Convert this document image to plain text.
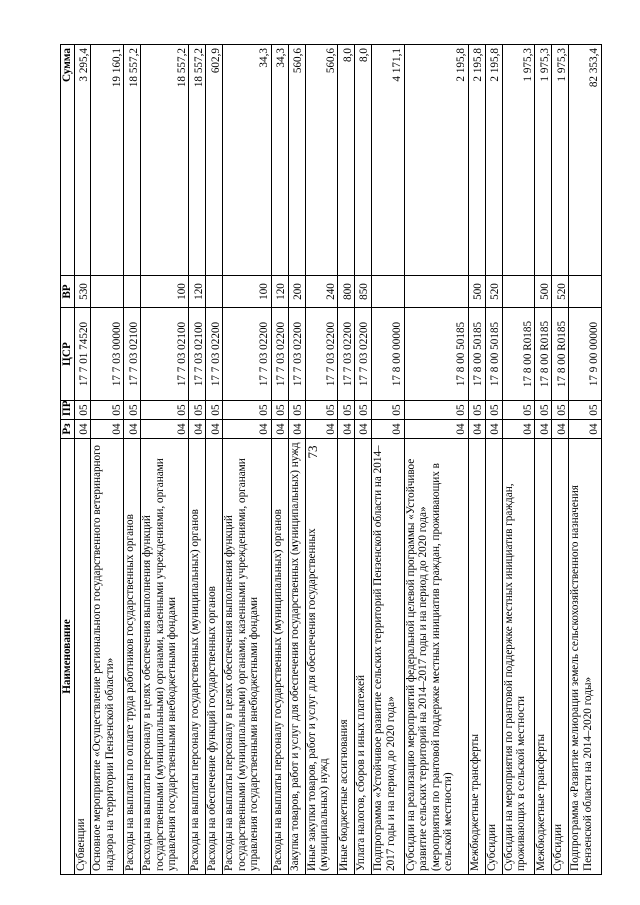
73
Наименование	Рз	ПР	ЦСР	ВР	Сумма
Субвенции	04	05	17 7 01 74520	530	3 295,4
Основное мероприятие «Осуществление регионального государственного ветеринарного надзора на территории Пензенской области»	04	05	17 7 03 00000		19 160,1
Расходы на выплаты по оплате труда работников государственных органов	04	05	17 7 03 02100		18 557,2
Расходы на выплаты персоналу в целях обеспечения выполнения функций государственными (муниципальными) органами, казенными учреждениями, органами управления государственными внебюджетными фондами	04	05	17 7 03 02100	100	18 557,2
Расходы на выплаты персоналу государственных (муниципальных) органов	04	05	17 7 03 02100	120	18 557,2
Расходы на обеспечение функций государственных органов	04	05	17 7 03 02200		602,9
Расходы на выплаты персоналу в целях обеспечения выполнения функций государственными (муниципальными) органами, казенными учреждениями, органами управления государственными внебюджетными фондами	04	05	17 7 03 02200	100	34,3
Расходы на выплаты персоналу государственных (муниципальных) органов	04	05	17 7 03 02200	120	34,3
Закупка товаров, работ и услуг для обеспечения государственных (муниципальных) нужд	04	05	17 7 03 02200	200	560,6
Иные закупки товаров, работ и услуг для обеспечения государственных (муниципальных) нужд	04	05	17 7 03 02200	240	560,6
Иные бюджетные ассигнования	04	05	17 7 03 02200	800	8,0
Уплата налогов, сборов и иных платежей	04	05	17 7 03 02200	850	8,0
Подпрограмма «Устойчивое развитие сельских территорий Пензенской области на 2014–2017 годы и на период до 2020 года»	04	05	17 8 00 00000		4 171,1
Субсидии на реализацию мероприятий федеральной целевой программы «Устойчивое развитие сельских территорий на 2014–2017 годы и на период до 2020 года» (мероприятия по грантовой поддержке местных инициатив граждан, проживающих в сельской местности)	04	05	17 8 00 50185		2 195,8
Межбюджетные трансферты	04	05	17 8 00 50185	500	2 195,8
Субсидии	04	05	17 8 00 50185	520	2 195,8
Субсидии на мероприятия по грантовой поддержке местных инициатив граждан, проживающих в сельской местности	04	05	17 8 00 R0185		1 975,3
Межбюджетные трансферты	04	05	17 8 00 R0185	500	1 975,3
Субсидии	04	05	17 8 00 R0185	520	1 975,3
Подпрограмма «Развитие мелиорации земель сельскохозяйственного назначения Пензенской области на 2014–2020 годы»	04	05	17 9 00 00000		82 353,4
